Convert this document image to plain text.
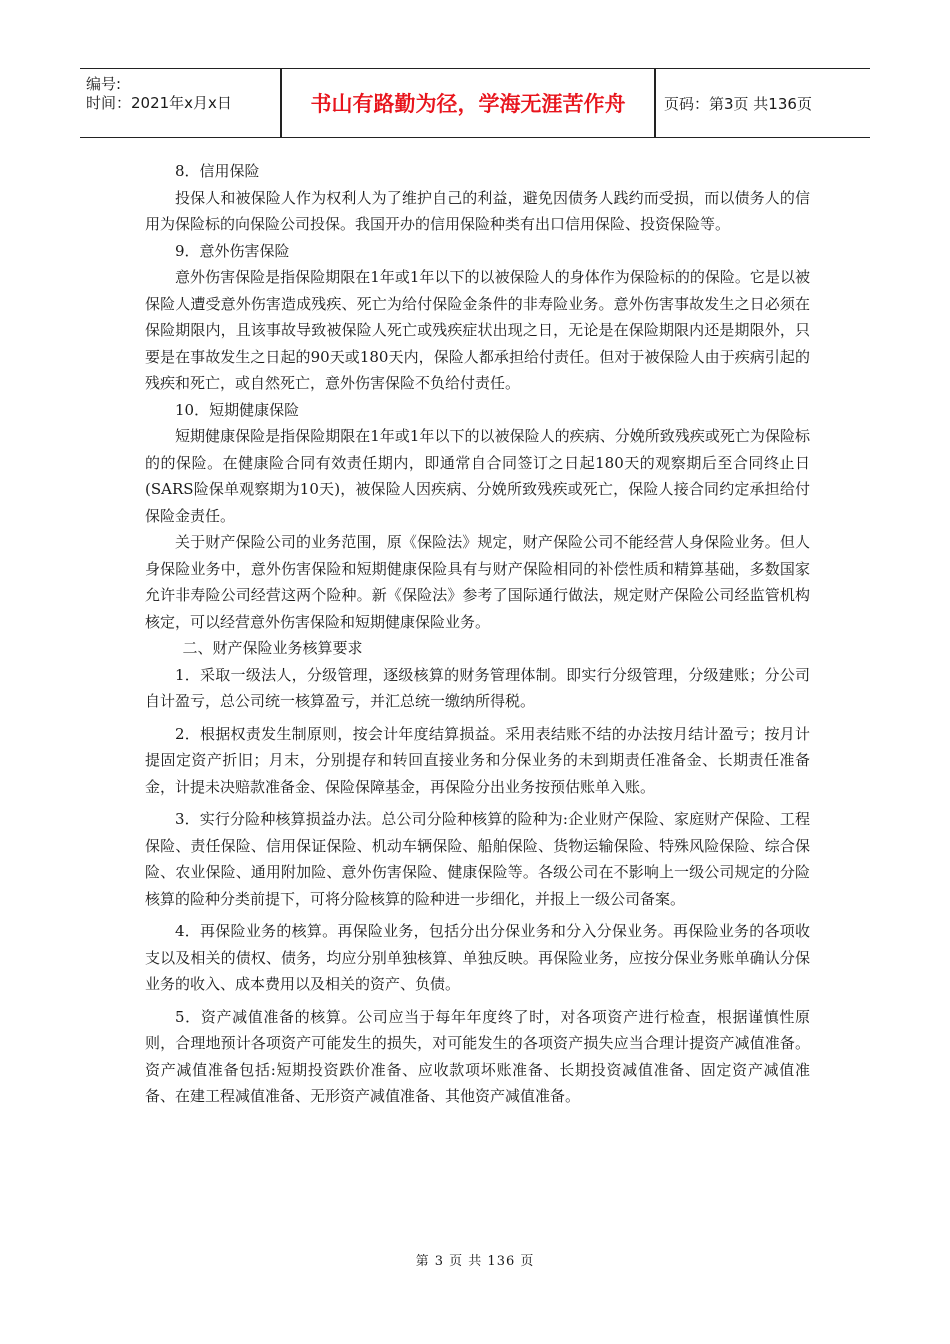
编号:
时间：2021年x月x日	书山有路勤为径，学海无涯苦作舟	页码：第3页 共136页

8．信用保险

投保人和被保险人作为权利人为了维护自己的利益，避免因债务人践约而受损，而以债务人的信用为保险标的向保险公司投保。我国开办的信用保险种类有出口信用保险、投资保险等。

9．意外伤害保险

意外伤害保险是指保险期限在1年或1年以下的以被保险人的身体作为保险标的的保险。它是以被保险人遭受意外伤害造成残疾、死亡为给付保险金条件的非寿险业务。意外伤害事故发生之日必须在保险期限内，且该事故导致被保险人死亡或残疾症状出现之日，无论是在保险期限内还是期限外，只要是在事故发生之日起的90天或180天内，保险人都承担给付责任。但对于被保险人由于疾病引起的残疾和死亡，或自然死亡，意外伤害保险不负给付责任。

10．短期健康保险

短期健康保险是指保险期限在1年或1年以下的以被保险人的疾病、分娩所致残疾或死亡为保险标的的保险。在健康险合同有效责任期内，即通常自合同签订之日起180天的观察期后至合同终止日(SARS险保单观察期为10天)，被保险人因疾病、分娩所致残疾或死亡，保险人接合同约定承担给付保险金责任。

关于财产保险公司的业务范围，原《保险法》规定，财产保险公司不能经营人身保险业务。但人身保险业务中，意外伤害保险和短期健康保险具有与财产保险相同的补偿性质和精算基础，多数国家允许非寿险公司经营这两个险种。新《保险法》参考了国际通行做法，规定财产保险公司经监管机构核定，可以经营意外伤害保险和短期健康保险业务。

二、财产保险业务核算要求

1．采取一级法人，分级管理，逐级核算的财务管理体制。即实行分级管理，分级建账；分公司自计盈亏，总公司统一核算盈亏，并汇总统一缴纳所得税。

2．根据权责发生制原则，按会计年度结算损益。采用表结账不结的办法按月结计盈亏；按月计提固定资产折旧；月末，分别提存和转回直接业务和分保业务的未到期责任准备金、长期责任准备金，计提未决赔款准备金、保险保障基金，再保险分出业务按预估账单入账。

3．实行分险种核算损益办法。总公司分险种核算的险种为:企业财产保险、家庭财产保险、工程保险、责任保险、信用保证保险、机动车辆保险、船舶保险、货物运输保险、特殊风险保险、综合保险、农业保险、通用附加险、意外伤害保险、健康保险等。各级公司在不影响上一级公司规定的分险核算的险种分类前提下，可将分险核算的险种进一步细化，并报上一级公司备案。

4．再保险业务的核算。再保险业务，包括分出分保业务和分入分保业务。再保险业务的各项收支以及相关的债权、债务，均应分别单独核算、单独反映。再保险业务，应按分保业务账单确认分保业务的收入、成本费用以及相关的资产、负债。

5．资产减值准备的核算。公司应当于每年年度终了时，对各项资产进行检查，根据谨慎性原则，合理地预计各项资产可能发生的损失，对可能发生的各项资产损失应当合理计提资产减值准备。资产减值准备包括:短期投资跌价准备、应收款项坏账准备、长期投资减值准备、固定资产减值准备、在建工程减值准备、无形资产减值准备、其他资产减值准备。

第 3 页 共 136 页
